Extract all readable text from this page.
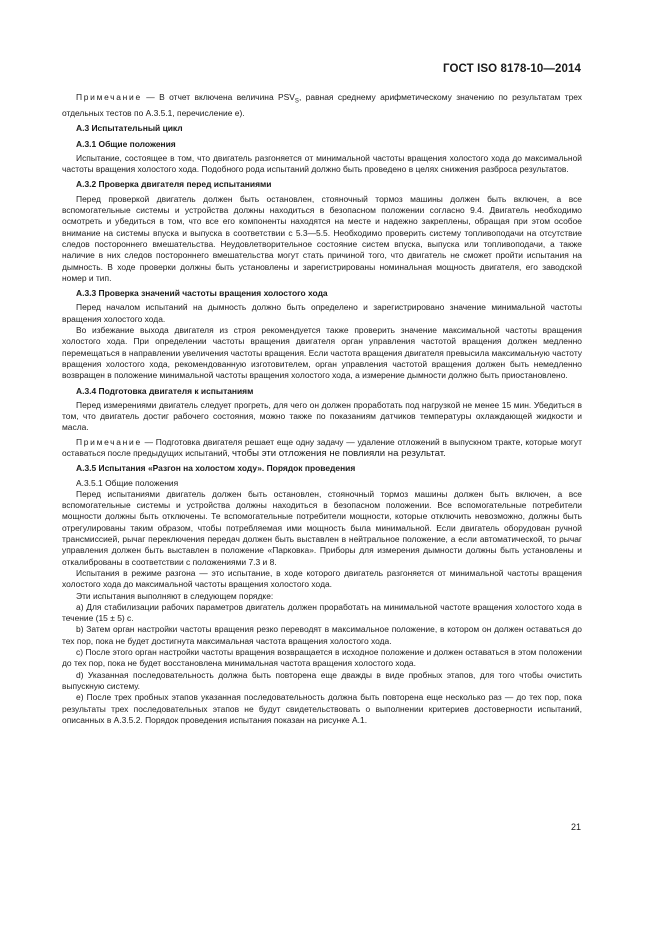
ГОСТ ISO 8178-10—2014

Примечание — В отчет включена величина $PSV_S$, равная среднему арифметическому значению по результатам трех отдельных тестов по А.3.5.1, перечисление е).

А.3 Испытательный цикл

А.3.1 Общие положения

Испытание, состоящее в том, что двигатель разгоняется от минимальной частоты вращения холостого хода до максимальной частоты вращения холостого хода. Подобного рода испытаний должно быть проведено в целях снижения разброса результатов.

А.3.2 Проверка двигателя перед испытаниями

Перед проверкой двигатель должен быть остановлен, стояночный тормоз машины должен быть включен, а все вспомогательные системы и устройства должны находиться в безопасном положении согласно 9.4. Двигатель необходимо осмотреть и убедиться в том, что все его компоненты находятся на месте и надежно закреплены, обращая при этом особое внимание на системы впуска и выпуска в соответствии с 5.3—5.5. Необходимо проверить систему топливоподачи на отсутствие следов постороннего вмешательства. Неудовлетворительное состояние систем впуска, выпуска или топливоподачи, а также наличие в них следов постороннего вмешательства могут стать причиной того, что двигатель не сможет пройти испытания на дымность. В ходе проверки должны быть установлены и зарегистрированы номинальная мощность двигателя, его заводской номер и тип.

А.3.3 Проверка значений частоты вращения холостого хода

Перед началом испытаний на дымность должно быть определено и зарегистрировано значение минимальной частоты вращения холостого хода.

Во избежание выхода двигателя из строя рекомендуется также проверить значение максимальной частоты вращения холостого хода. При определении частоты вращения двигателя орган управления частотой вращения должен медленно перемещаться в направлении увеличения частоты вращения. Если частота вращения двигателя превысила максимальную частоту вращения холостого хода, рекомендованную изготовителем, орган управления частотой вращения должен быть немедленно возвращен в положение минимальной частоты вращения холостого хода, а измерение дымности должно быть приостановлено.

А.3.4 Подготовка двигателя к испытаниям

Перед измерениями двигатель следует прогреть, для чего он должен проработать под нагрузкой не менее 15 мин. Убедиться в том, что двигатель достиг рабочего состояния, можно также по показаниям датчиков температуры охлаждающей жидкости и масла.

Примечание — Подготовка двигателя решает еще одну задачу — удаление отложений в выпускном тракте, которые могут оставаться после предыдущих испытаний, чтобы эти отложения не повлияли на результат.

А.3.5 Испытания «Разгон на холостом ходу». Порядок проведения

А.3.5.1 Общие положения

Перед испытаниями двигатель должен быть остановлен, стояночный тормоз машины должен быть включен, а все вспомогательные системы и устройства должны находиться в безопасном положении. Все вспомогательные потребители мощности должны быть отключены. Те вспомогательные потребители мощности, которые отключить невозможно, должны быть отрегулированы таким образом, чтобы потребляемая ими мощность была минимальной. Если двигатель оборудован ручной трансмиссией, рычаг переключения передач должен быть выставлен в нейтральное положение, а если автоматической, то рычаг управления должен быть выставлен в положение «Парковка». Приборы для измерения дымности должны быть установлены и откалиброваны в соответствии с положениями 7.3 и 8.

Испытания в режиме разгона — это испытание, в ходе которого двигатель разгоняется от минимальной частоты вращения холостого хода до максимальной частоты вращения холостого хода.

Эти испытания выполняют в следующем порядке:

а) Для стабилизации рабочих параметров двигатель должен проработать на минимальной частоте вращения холостого хода в течение (15 ± 5) с.

b) Затем орган настройки частоты вращения резко переводят в максимальное положение, в котором он должен оставаться до тех пор, пока не будет достигнута максимальная частота вращения холостого хода.

c) После этого орган настройки частоты вращения возвращается в исходное положение и должен оставаться в этом положении до тех пор, пока не будет восстановлена минимальная частота вращения холостого хода.

d) Указанная последовательность должна быть повторена еще дважды в виде пробных этапов, для того чтобы очистить выпускную систему.

е) После трех пробных этапов указанная последовательность должна быть повторена еще несколько раз — до тех пор, пока результаты трех последовательных этапов не будут свидетельствовать о выполнении критериев достоверности испытаний, описанных в А.3.5.2. Порядок проведения испытания показан на рисунке А.1.

21
